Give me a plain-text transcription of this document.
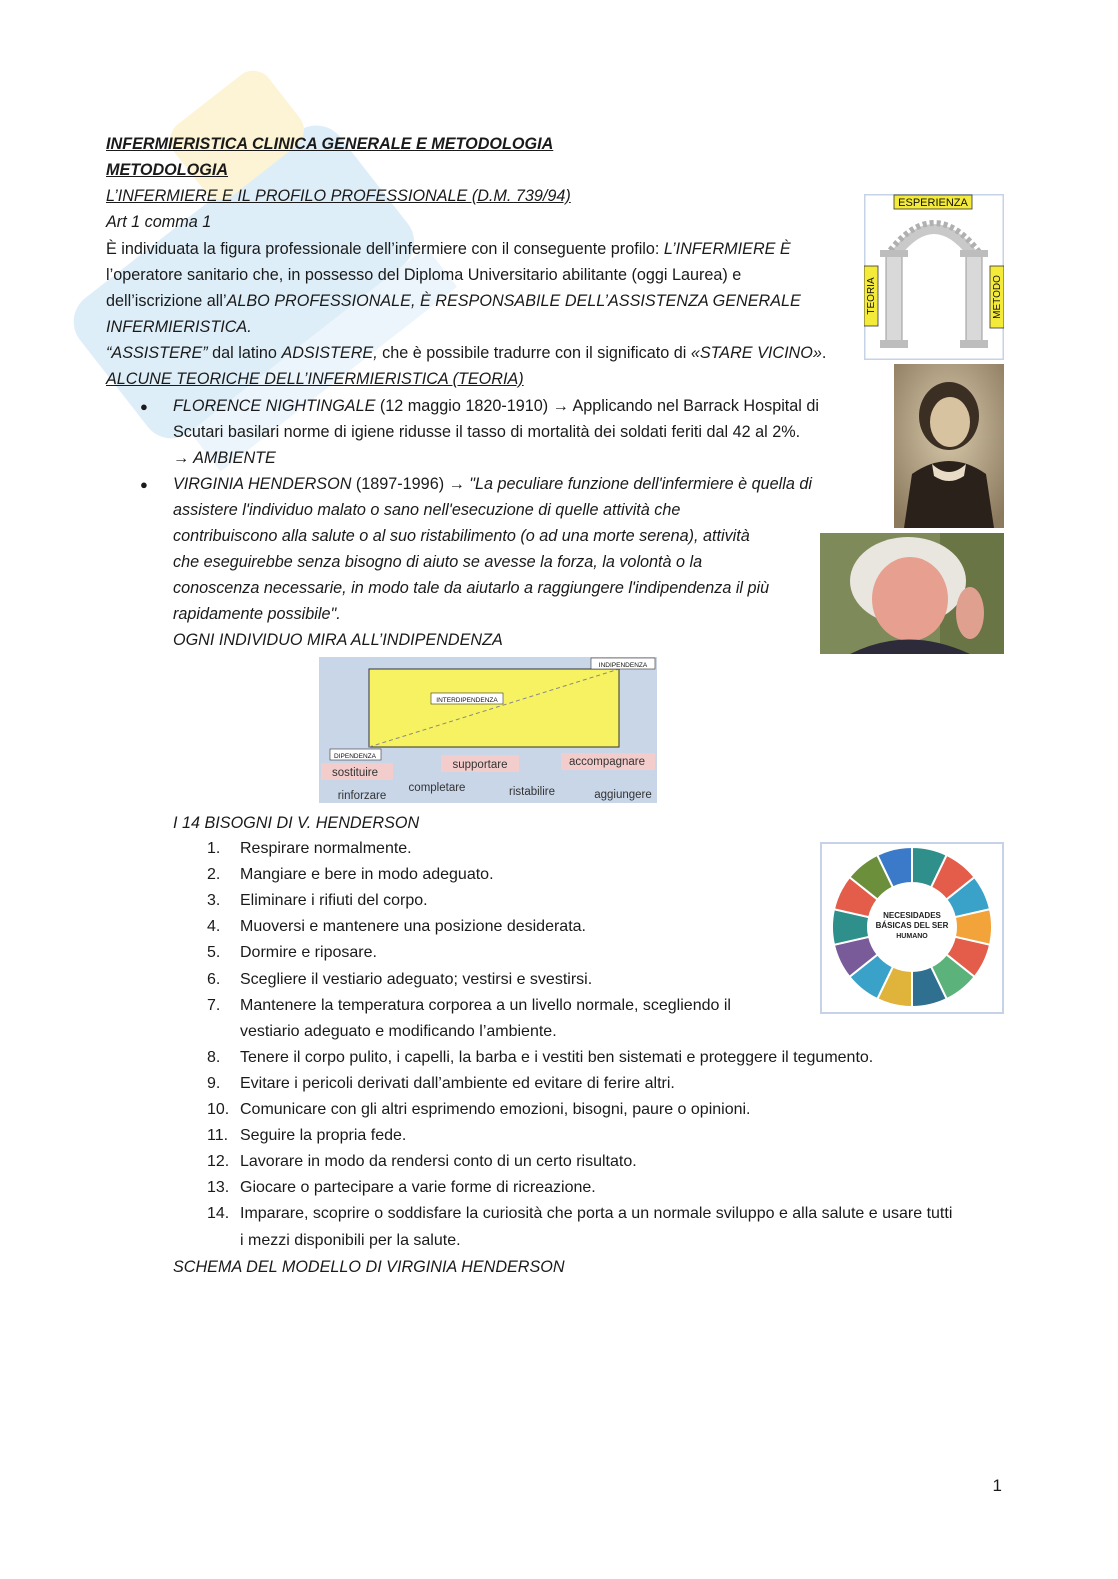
INFERMIERISTICA CLINICA GENERALE E METODOLOGIA
METODOLOGIA
L’INFERMIERE E IL PROFILO PROFESSIONALE (D.M. 739/94)
Art 1 comma 1
È individuata la figura professionale dell’infermiere con il conseguente profilo: L’INFERMIERE È
l’operatore sanitario che, in possesso del Diploma Universitario abilitante (oggi Laurea) e
dell’iscrizione all’ALBO PROFESSIONALE, È RESPONSABILE DELL’ASSISTENZA GENERALE
INFERMIERISTICA.
“ASSISTERE” dal latino ADSISTERE, che è possibile tradurre con il significato di «STARE VICINO».
ALCUNE TEORICHE DELL’INFERMIERISTICA (TEORIA)
● FLORENCE NIGHTINGALE (12 maggio 1820-1910) → Applicando nel Barrack Hospital di
Scutari basilari norme di igiene ridusse il tasso di mortalità dei soldati feriti dal 42 al 2%.
→ AMBIENTE
● VIRGINIA HENDERSON (1897-1996) → "La peculiare funzione dell'infermiere è quella di
assistere l'individuo malato o sano nell'esecuzione di quelle attività che
contribuiscono alla salute o al suo ristabilimento (o ad una morte serena), attività
che eseguirebbe senza bisogno di aiuto se avesse la forza, la volontà o la
conoscenza necessarie, in modo tale da aiutarlo a raggiungere l'indipendenza il più
rapidamente possibile".
OGNI INDIVIDUO MIRA ALL’INDIPENDENZA
ESPERIENZA
TEORIA	METODO
INDIPENDENZA
INTERDIPENDENZA
DIPENDENZA
sostituire
supportare	accompagnare
rinforzare
completare	ristabilire	aggiungere
I 14 BISOGNI DI V. HENDERSON
1. Respirare normalmente.
2. Mangiare e bere in modo adeguato.
3. Eliminare i rifiuti del corpo.
4. Muoversi e mantenere una posizione desiderata.
5. Dormire e riposare.
6. Scegliere il vestiario adeguato; vestirsi e svestirsi.
7. Mantenere la temperatura corporea a un livello normale, scegliendo il
vestiario adeguato e modificando l’ambiente.
8. Tenere il corpo pulito, i capelli, la barba e i vestiti ben sistemati e proteggere il tegumento.
9. Evitare i pericoli derivati dall’ambiente ed evitare di ferire altri.
10. Comunicare con gli altri esprimendo emozioni, bisogni, paure o opinioni.
11. Seguire la propria fede.
12. Lavorare in modo da rendersi conto di un certo risultato.
13. Giocare o partecipare a varie forme di ricreazione.
14. Imparare, scoprire o soddisfare la curiosità che porta a un normale sviluppo e alla salute e usare tutti
i mezzi disponibili per la salute.
NECESIDADES
BÁSICAS DEL SER
HUMANO
SCHEMA DEL MODELLO DI VIRGINIA HENDERSON
1
